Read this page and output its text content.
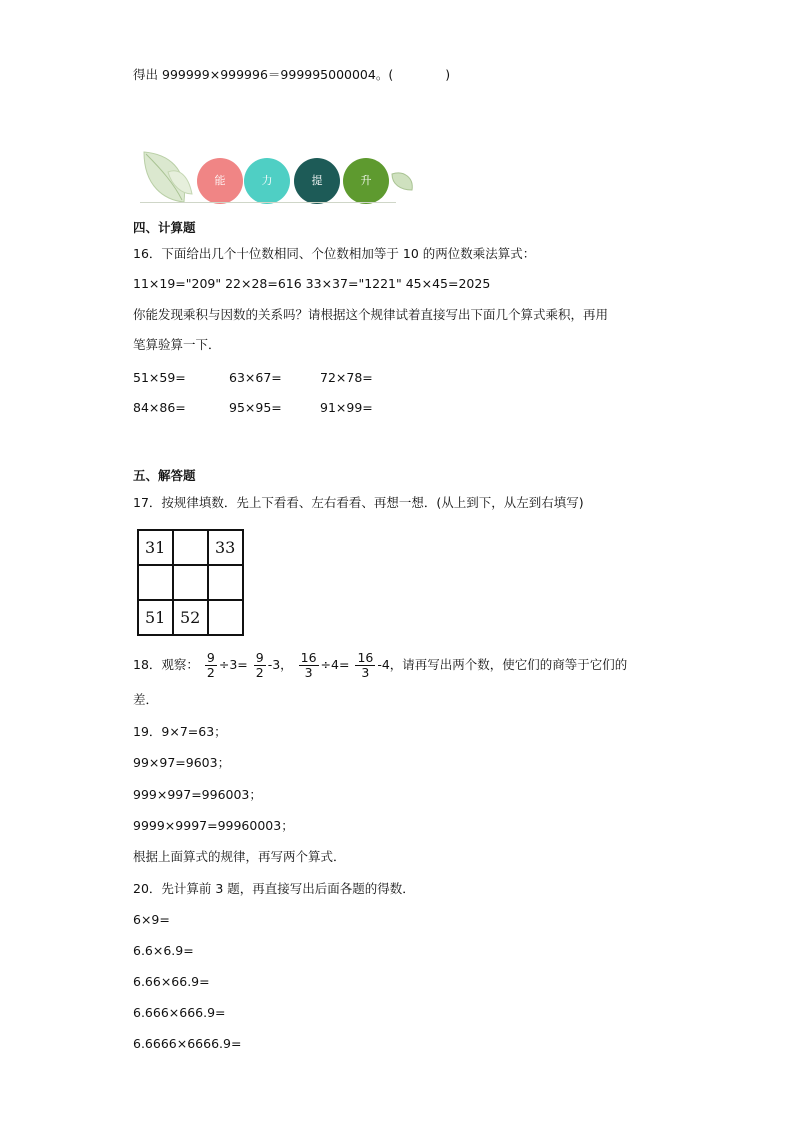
得出 999999×999996＝999995000004。(	)
能	力	提	升
四、计算题
16．下面给出几个十位数相同、个位数相加等于 10 的两位数乘法算式：
11×19="209" 22×28=616 33×37="1221" 45×45=2025
你能发现乘积与因数的关系吗？请根据这个规律试着直接写出下面几个算式乘积，再用
笔算验算一下．
51×59=	63×67=	72×78=
84×86=	95×95=	91×99=
五、解答题
17．按规律填数．先上下看看、左右看看、再想一想．(从上到下，从左到右填写)
31		33

51	52	
18．观察： $\frac{9}{2} \div 3= \frac{9}{2} -3$， $\frac{16}{3} \div 4= \frac{16}{3} -4$，请再写出两个数，使它们的商等于它们的
差．
19．9×7=63；
99×97=9603；
999×997=996003；
9999×9997=99960003；
根据上面算式的规律，再写两个算式．
20．先计算前 3 题，再直接写出后面各题的得数．
6×9=
6.6×6.9=
6.66×66.9=
6.666×666.9=
6.6666×6666.9=
